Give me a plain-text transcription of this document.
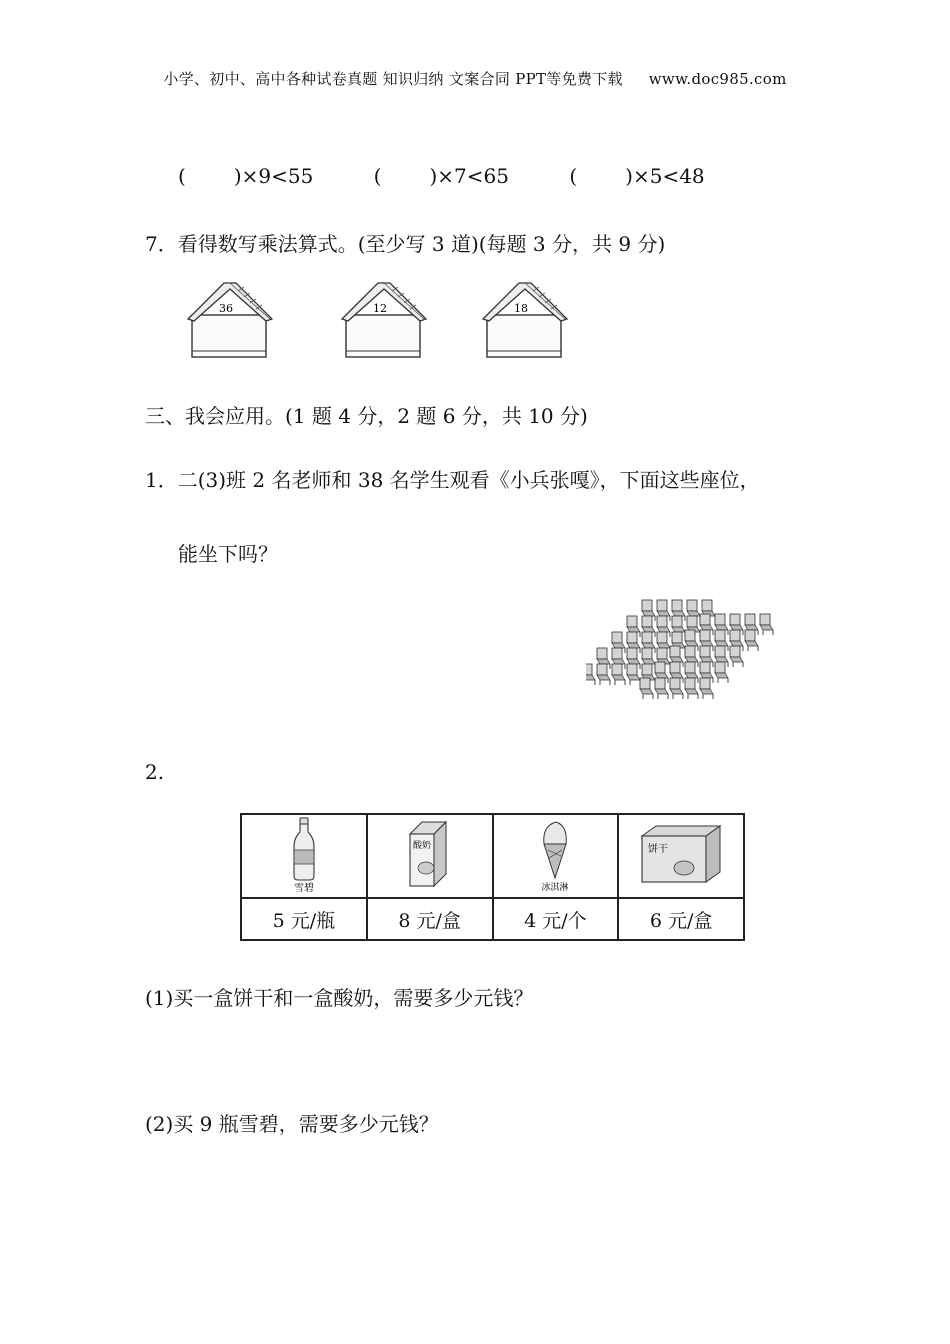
小学、初中、高中各种试卷真题 知识归纳 文案合同 PPT等免费下载 www.doc985.com
( )×9<55	( )×7<65	( )×5<48
7．看得数写乘法算式。(至少写 3 道)(每题 3 分，共 9 分)
36	12	18
三、我会应用。(1 题 4 分，2 题 6 分，共 10 分)
1．二(3)班 2 名老师和 38 名学生观看《小兵张嘎》，下面这些座位，
能坐下吗？
2.
雪碧	酸奶	冰淇淋	饼干

5 元/瓶	8 元/盒	4 元/个	6 元/盒
(1)买一盒饼干和一盒酸奶，需要多少元钱？
(2)买 9 瓶雪碧，需要多少元钱？
